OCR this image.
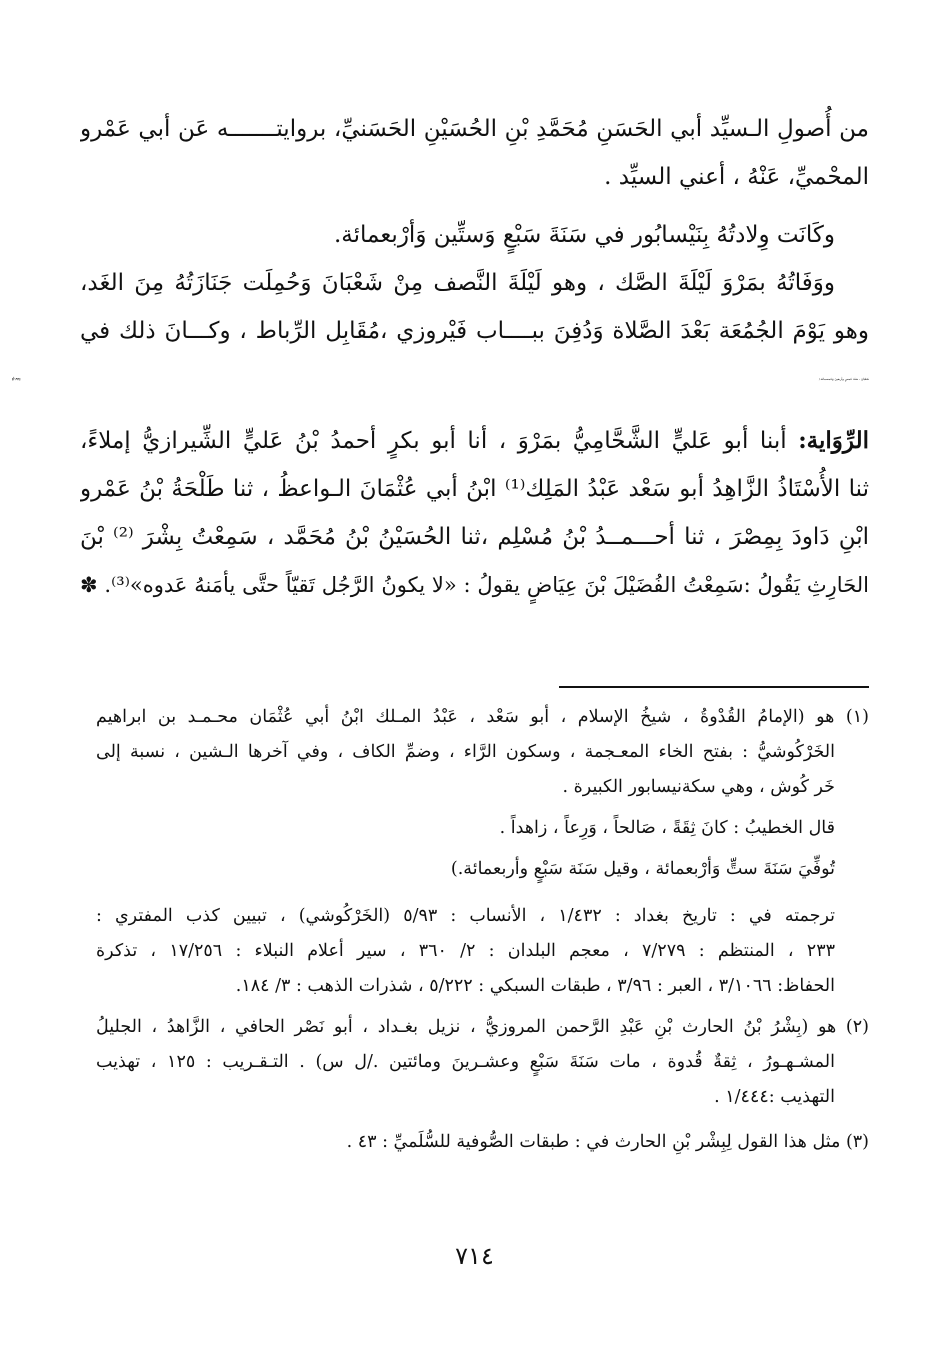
من أُصولِ الـسيِّد أبي الحَسَنِ مُحَمَّدِ بْنِ الحُسَيْنِ الحَسَنيِّ، بروايتـــــــه عَن أبي عَمْرو
المحْميِّ، عَنْهُ ، أعني السيِّد .
وكَانَت وِلادتُهُ بِنَيْسابُور في سَنَةَ سَبْعٍ وَستِّين وَأرْبعمائة.
ووَفَاتُهُ بمَرْوَ لَيْلَةَ الصَّك ، وهو لَيْلَةَ النَّصف مِنْ شَعْبَانَ وَحُمِلَت جَنَازَتُهُ مِنَ الغَد،
وهو يَوْمَ الجُمُعَة بَعْدَ الصَّلاة وَدُفِنَ ببــــاب فَيْروزي ،مُقَابِل الرِّباط ، وكـــانَ ذلك في
شَعْبَانَ ، سَنَةَ خَمسٍ وأربعينَ وَخَمسمائة./
[١٩٢أ]
الرِّوَاية: أبنا أبو عَليٍّ الشَّحَّامِيُّ بمَرْوَ ، أنا أبو بكرٍ أحمدُ بْنُ عَليٍّ الشِّيرازيُّ إملاءً،
ثنا الأُسْتَاذُ الزَّاهِدُ أبو سَعْد عَبْدُ المَلِك⁽¹⁾ ابْنُ أبي عُثْمَانَ الـواعظُ ، ثنا طَلْحَةُ بْنُ عَمْرو
ابْنِ دَاودَ بِمِصْرَ ، ثنا أحـــمــدُ بْنُ مُسْلِم ،ثنا الحُسَيْنُ بْنُ مُحَمَّد ، سَمِعْتُ بِشْرَ ⁽²⁾ بْنَ
الحَارِثِ يَقُولُ :سَمِعْتُ الفُضَيْلَ بْنَ عِيَاضٍ يقولُ : «لا يكونُ الرَّجُل تَقيّاً حتَّى يأمَنهُ عَدوه»⁽³⁾. ✽
(١) هو (الإمامُ القُدْوةُ ، شيخُ الإسلام ، أبو سَعْد ، عَبْدُ المـلك ابْنُ أبي عُثْمَان محـمـد بن ابراهيم
الخَرْكُوشيُّ : بفتح الخاء المعـجمة ، وسكون الرَّاء ، وضمِّ الكاف ، وفي آخرها الـشين ، نسبة إلى
خَر كُوش ، وهي سكةنيسابور الكبيرة .
قال الخطيبُ : كانَ ثِقَةً ، صَالحاً ، وَرِعاً ، زاهداً .
تُوفِّيَ سَنَةَ ستٍّ وَأرْبعمائة ، وقيل سَنَة سَبْعٍ وأربعمائة.)
ترجمته في : تاريخ بغداد : ١/٤٣٢ ، الأنساب : ٥/٩٣ (الخَرْكُوشي) ، تبيين كذب المفتري :
٢٣٣ ، المنتظم : ٧/٢٧٩ ، معجم البلدان : ٢/ ٣٦٠ ، سير أعلام النبلاء : ١٧/٢٥٦ ، تذكرة
الحفاظ: ٣/١٠٦٦ ، العبر : ٣/٩٦ ، طبقات السبكي : ٥/٢٢٢ ، شذرات الذهب : ٣/ ١٨٤.
(٢) هو (بِشْرُ بْنُ الحارث بْنِ عَبْدِ الرَّحمن المروزيُّ ، نزيل بغـداد ، أبو نَصْر الحافي ، الزَّاهدُ ، الجليلُ
المشـهـورُ ، ثِقةٌ قُدوة ، مات سَنَةَ سَبْعٍ وعشـرينَ ومائتين ./ل س) . التـقـريب : ١٢٥ ، تهذيب
التهذيب :١/٤٤٤ .
(٣) مثل هذا القول لِبِشْر بْنِ الحارث في : طبقات الصُّوفية للسُّلَميِّ : ٤٣ .
٧١٤
